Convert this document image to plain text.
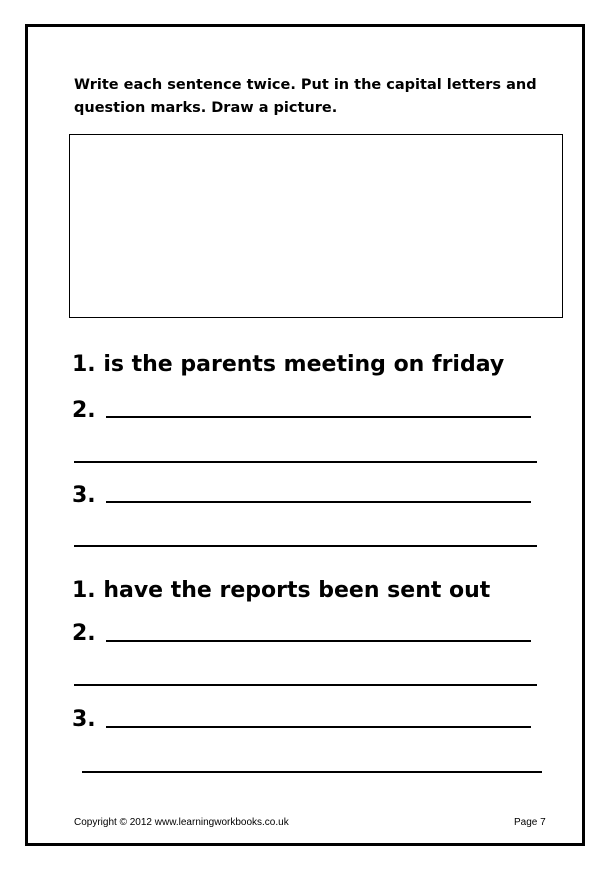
Write each sentence twice. Put in the capital letters and question marks. Draw a picture.
1. is the parents meeting on friday
2.
3.
1. have the reports been sent out
2.
3.
Copyright © 2012 www.learningworkbooks.co.uk	Page 7
